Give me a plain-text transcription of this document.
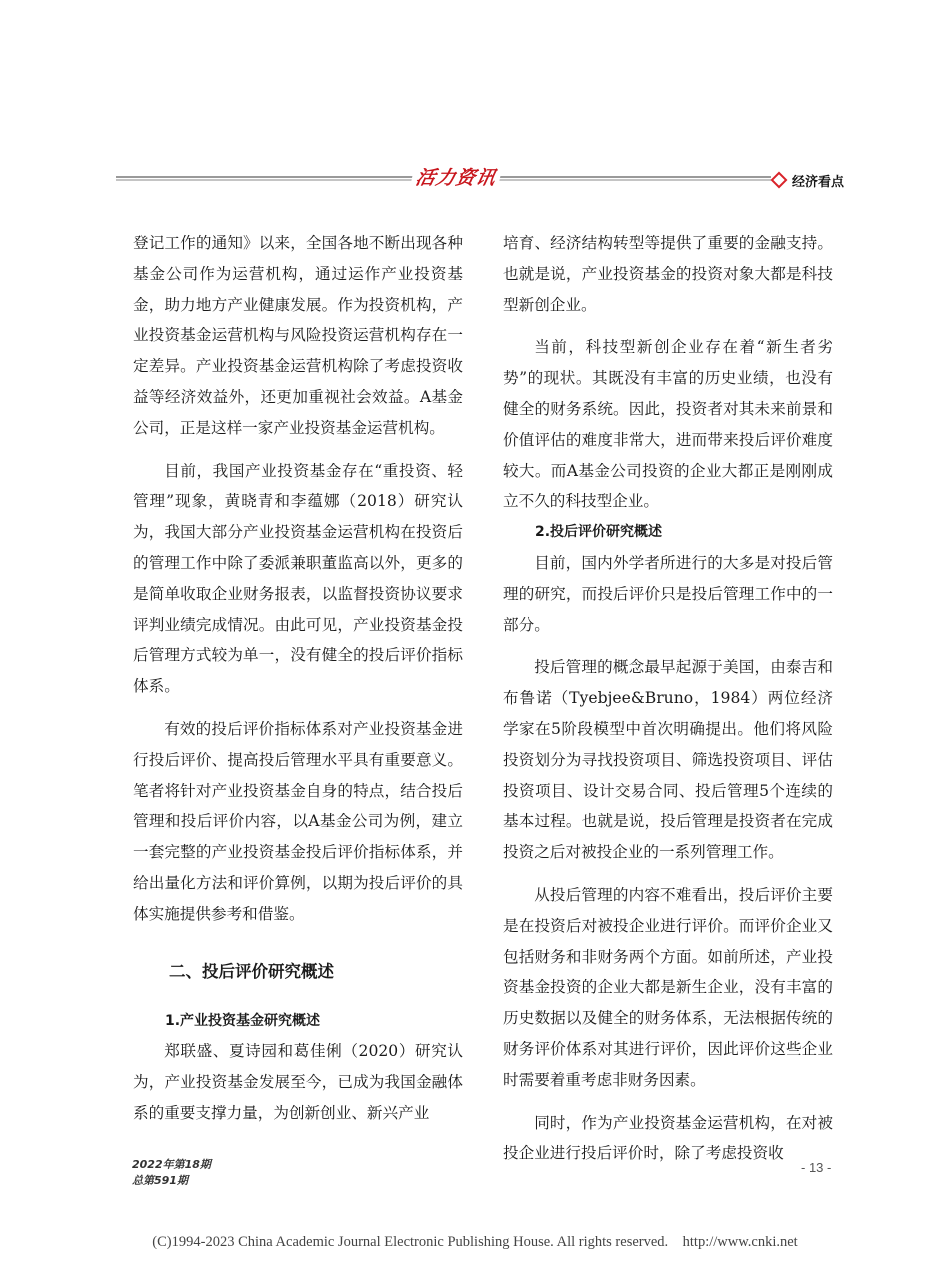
活力资讯	经济看点

登记工作的通知》以来，全国各地不断出现各种基金公司作为运营机构，通过运作产业投资基金，助力地方产业健康发展。作为投资机构，产业投资基金运营机构与风险投资运营机构存在一定差异。产业投资基金运营机构除了考虑投资收益等经济效益外，还更加重视社会效益。A基金公司，正是这样一家产业投资基金运营机构。

目前，我国产业投资基金存在“重投资、轻管理”现象，黄晓青和李蕴娜（2018）研究认为，我国大部分产业投资基金运营机构在投资后的管理工作中除了委派兼职董监高以外，更多的是简单收取企业财务报表，以监督投资协议要求评判业绩完成情况。由此可见，产业投资基金投后管理方式较为单一，没有健全的投后评价指标体系。

有效的投后评价指标体系对产业投资基金进行投后评价、提高投后管理水平具有重要意义。笔者将针对产业投资基金自身的特点，结合投后管理和投后评价内容，以A基金公司为例，建立一套完整的产业投资基金投后评价指标体系，并给出量化方法和评价算例，以期为投后评价的具体实施提供参考和借鉴。

二、投后评价研究概述
1.产业投资基金研究概述

郑联盛、夏诗园和葛佳俐（2020）研究认为，产业投资基金发展至今，已成为我国金融体系的重要支撑力量，为创新创业、新兴产业

培育、经济结构转型等提供了重要的金融支持。也就是说，产业投资基金的投资对象大都是科技型新创企业。

当前，科技型新创企业存在着“新生者劣势”的现状。其既没有丰富的历史业绩，也没有健全的财务系统。因此，投资者对其未来前景和价值评估的难度非常大，进而带来投后评价难度较大。而A基金公司投资的企业大都正是刚刚成立不久的科技型企业。

2.投后评价研究概述

目前，国内外学者所进行的大多是对投后管理的研究，而投后评价只是投后管理工作中的一部分。

投后管理的概念最早起源于美国，由泰吉和布鲁诺（Tyebjee&Bruno，1984）两位经济学家在5阶段模型中首次明确提出。他们将风险投资划分为寻找投资项目、筛选投资项目、评估投资项目、设计交易合同、投后管理5个连续的基本过程。也就是说，投后管理是投资者在完成投资之后对被投企业的一系列管理工作。

从投后管理的内容不难看出，投后评价主要是在投资后对被投企业进行评价。而评价企业又包括财务和非财务两个方面。如前所述，产业投资基金投资的企业大都是新生企业，没有丰富的历史数据以及健全的财务体系，无法根据传统的财务评价体系对其进行评价，因此评价这些企业时需要着重考虑非财务因素。

同时，作为产业投资基金运营机构，在对被投企业进行投后评价时，除了考虑投资收

2022年第18期
总第591期
- 13 -
(C)1994-2023 China Academic Journal Electronic Publishing House. All rights reserved.    http://www.cnki.net
